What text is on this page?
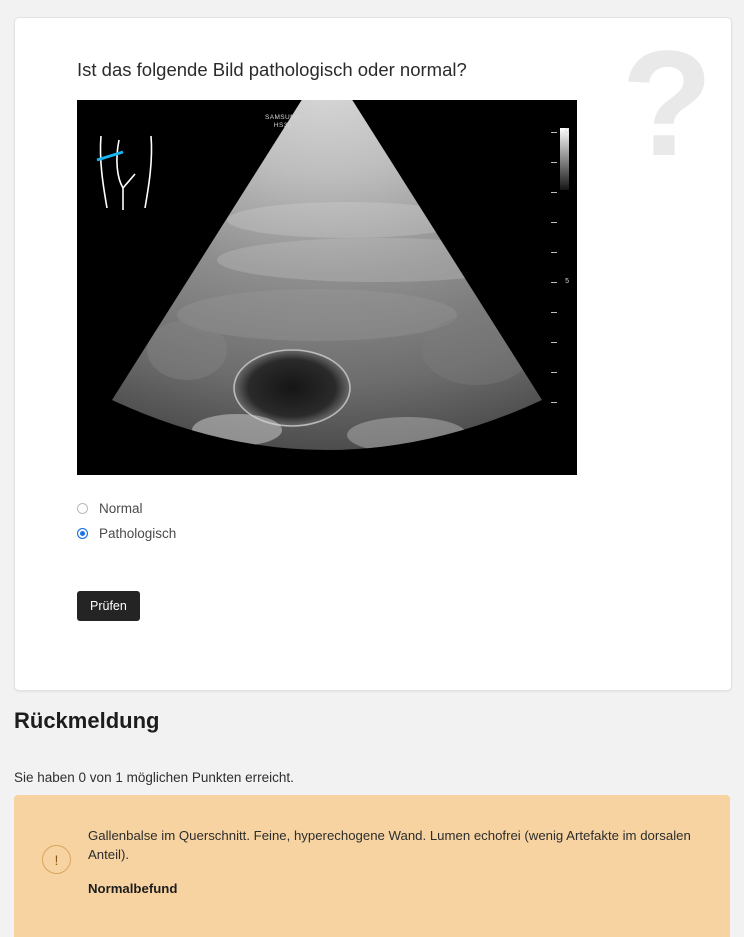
?
Ist das folgende Bild pathologisch oder normal?
SAMSUNG
HS30
0
5
Normal
Pathologisch
Prüfen
Rückmeldung
Sie haben 0 von 1 möglichen Punkten erreicht.
!

Gallenbalse im Querschnitt. Feine, hyperechogene Wand. Lumen echofrei (wenig Artefakte im dorsalen Anteil).

Normalbefund
